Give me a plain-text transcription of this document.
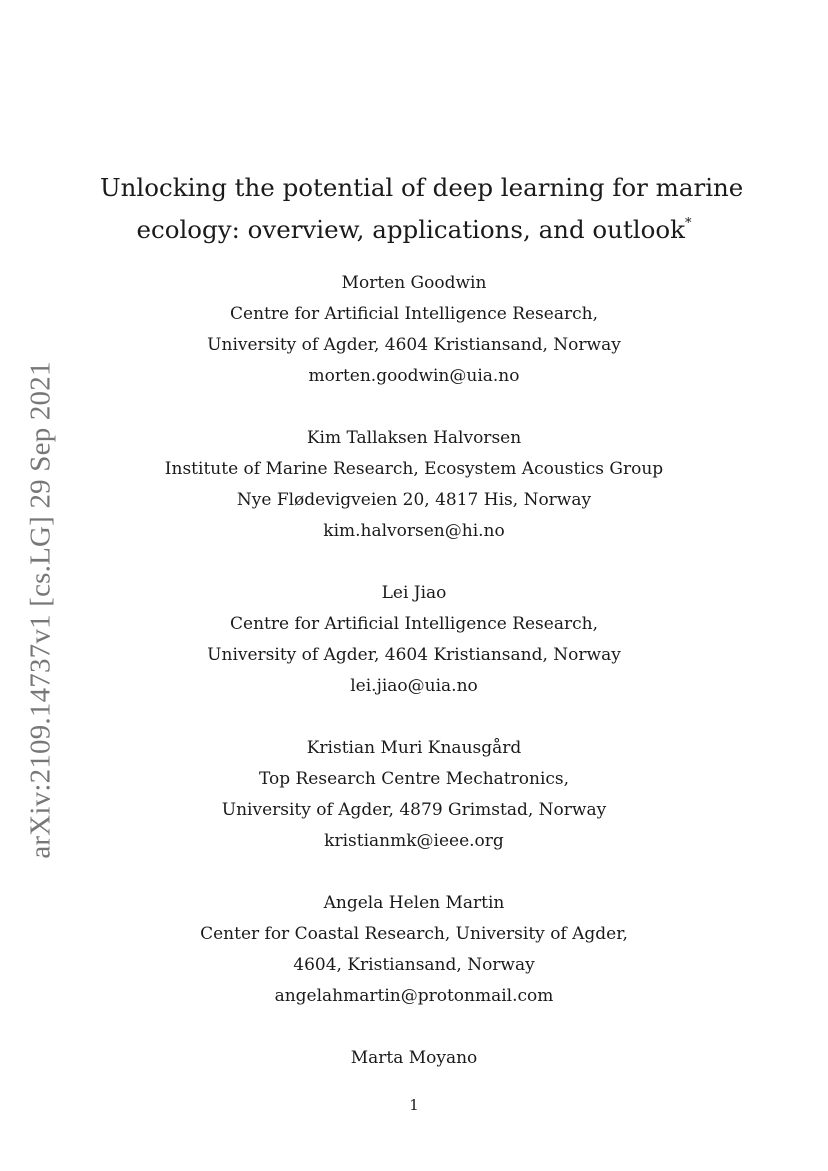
arXiv:2109.14737v1 [cs.LG] 29 Sep 2021
Unlocking the potential of deep learning for marine
ecology: overview, applications, and outlook*
Morten Goodwin
Centre for Artificial Intelligence Research,
University of Agder, 4604 Kristiansand, Norway
morten.goodwin@uia.no
Kim Tallaksen Halvorsen
Institute of Marine Research, Ecosystem Acoustics Group
Nye Flødevigveien 20, 4817 His, Norway
kim.halvorsen@hi.no
Lei Jiao
Centre for Artificial Intelligence Research,
University of Agder, 4604 Kristiansand, Norway
lei.jiao@uia.no
Kristian Muri Knausgård
Top Research Centre Mechatronics,
University of Agder, 4879 Grimstad, Norway
kristianmk@ieee.org
Angela Helen Martin
Center for Coastal Research, University of Agder,
4604, Kristiansand, Norway
angelahmartin@protonmail.com
Marta Moyano
1
